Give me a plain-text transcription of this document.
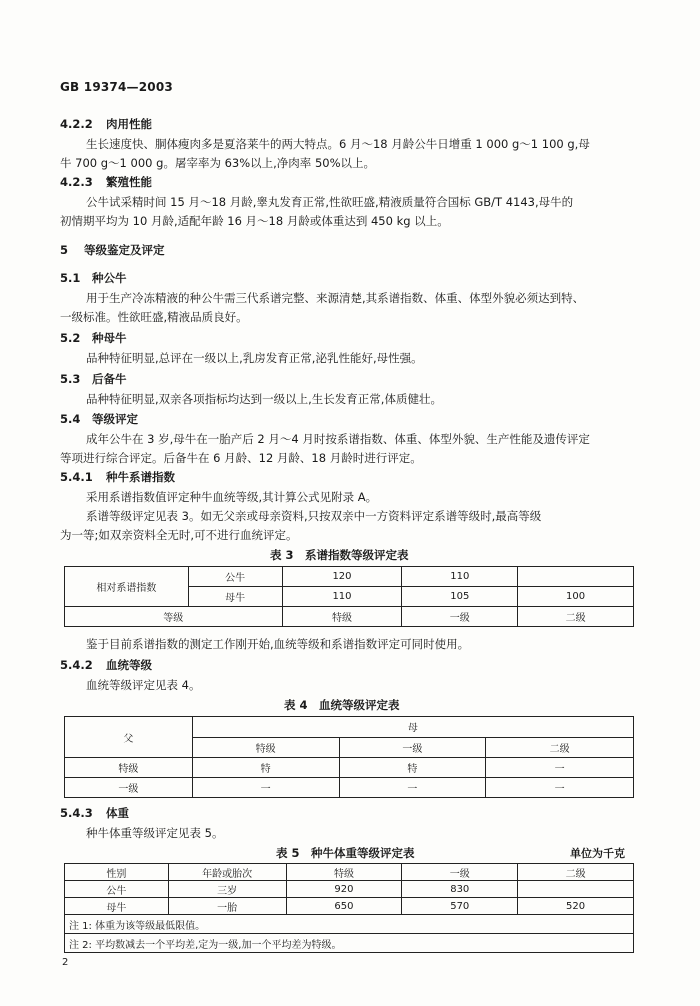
GB 19374—2003
4.2.2 肉用性能
生长速度快、胴体瘦肉多是夏洛莱牛的两大特点。6 月～18 月龄公牛日增重 1 000 g～1 100 g,母
牛 700 g～1 000 g。屠宰率为 63%以上,净肉率 50%以上。
4.2.3 繁殖性能
公牛试采精时间 15 月～18 月龄,睾丸发育正常,性欲旺盛,精液质量符合国标 GB/T 4143,母牛的
初情期平均为 10 月龄,适配年龄 16 月～18 月龄或体重达到 450 kg 以上。
5 等级鉴定及评定
5.1 种公牛
用于生产冷冻精液的种公牛需三代系谱完整、来源清楚,其系谱指数、体重、体型外貌必须达到特、
一级标准。性欲旺盛,精液品质良好。
5.2 种母牛
品种特征明显,总评在一级以上,乳房发育正常,泌乳性能好,母性强。
5.3 后备牛
品种特征明显,双亲各项指标均达到一级以上,生长发育正常,体质健壮。
5.4 等级评定
成年公牛在 3 岁,母牛在一胎产后 2 月～4 月时按系谱指数、体重、体型外貌、生产性能及遗传评定
等项进行综合评定。后备牛在 6 月龄、12 月龄、18 月龄时进行评定。
5.4.1 种牛系谱指数
采用系谱指数值评定种牛血统等级,其计算公式见附录 A。
系谱等级评定见表 3。如无父亲或母亲资料,只按双亲中一方资料评定系谱等级时,最高等级
为一等;如双亲资料全无时,可不进行血统评定。
表 3　系谱指数等级评定表
相对系谱指数	公牛	120	110	
	母牛	110	105	100
等级		特级	一级	二级
鉴于目前系谱指数的测定工作刚开始,血统等级和系谱指数评定可同时使用。
5.4.2 血统等级
血统等级评定见表 4。
表 4　血统等级评定表
父	母		
	特级	一级	二级
特级	特	特	一
一级	一	一	一
5.4.3 体重
种牛体重等级评定见表 5。
表 5　种牛体重等级评定表	单位为千克
性别	年龄或胎次	特级	一级	二级
公牛	三岁	920	830	
母牛	一胎	650	570	520
注 1: 体重为该等级最低限值。				
注 2: 平均数减去一个平均差,定为一级,加一个平均差为特级。				
2
